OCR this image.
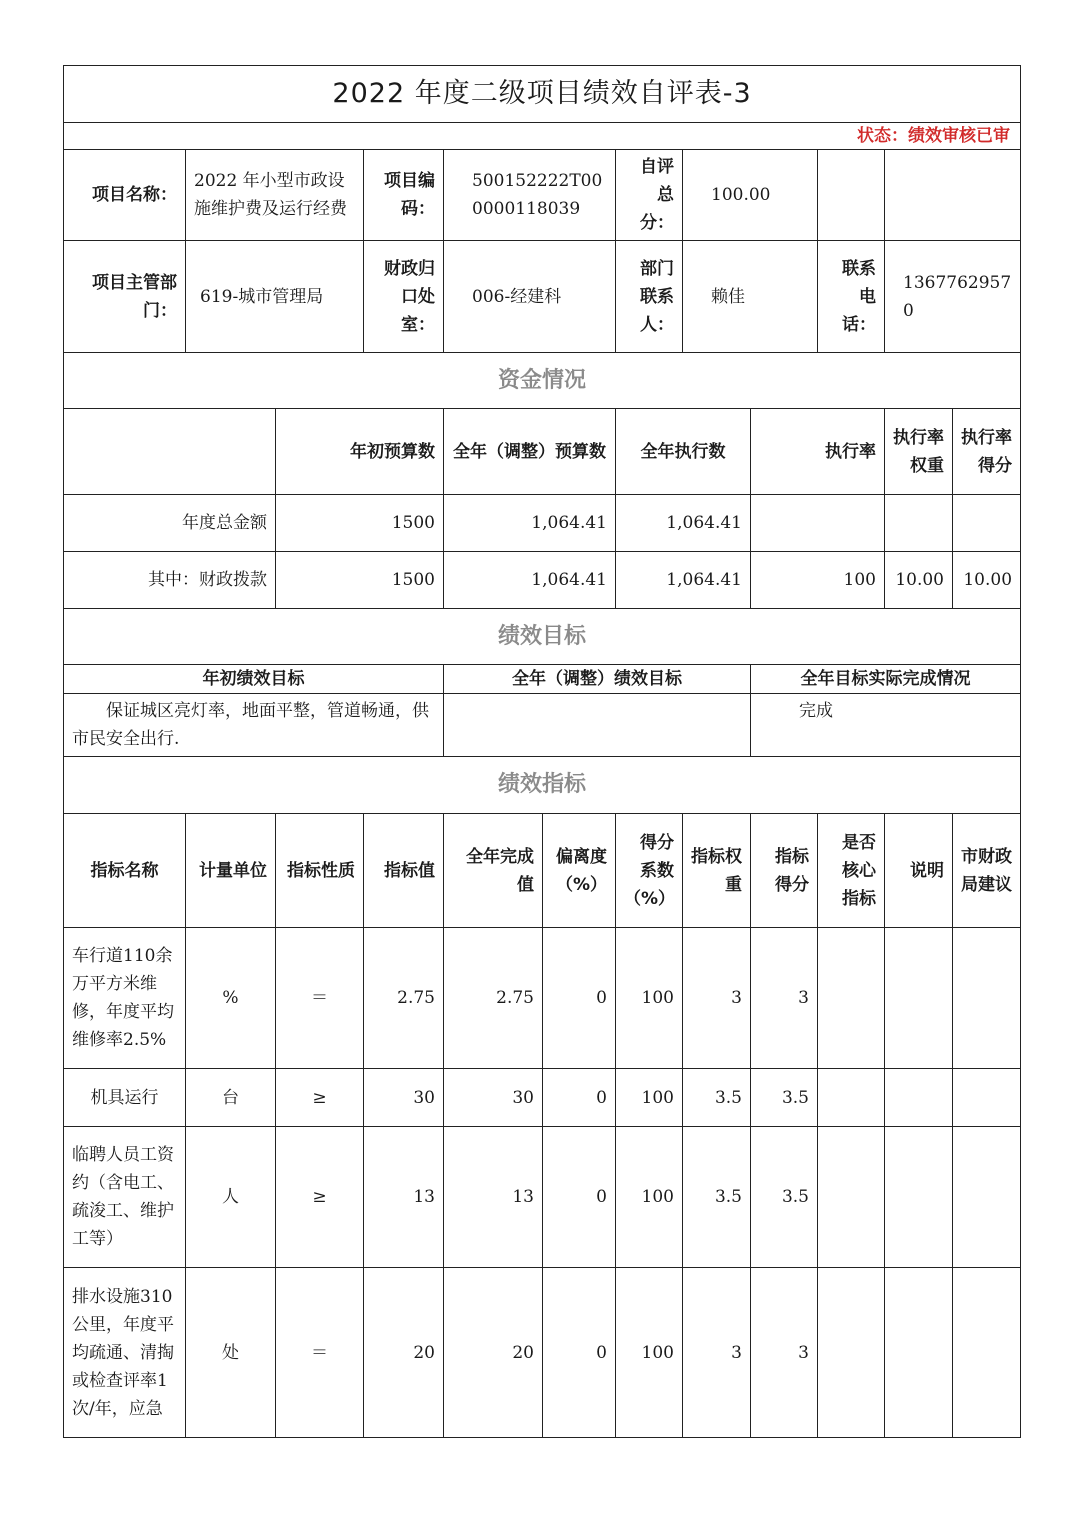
2022 年度二级项目绩效自评表-3											
状态：绩效审核已审											
项目名称：	2022 年小型市政设施维护费及运行经费		项目编码：	500152222T000000118039		自评总分：	100.00				
项目主管部门：	619-城市管理局		财政归口处室：	006-经建科		部门联系人：	赖佳		联系电话：	13677629570	
资金情况											
		年初预算数		全年（调整）预算数		全年执行数		执行率		执行率权重	执行率得分
年度总金额		1500		1,064.41		1,064.41					
其中：财政拨款		1500		1,064.41		1,064.41		100		10.00	10.00
绩效目标											
年初绩效目标				全年（调整）绩效目标				全年目标实际完成情况			
保证城区亮灯率，地面平整，管道畅通，供市民安全出行.								完成			
绩效指标											
指标名称	计量单位	指标性质	指标值	全年完成值	偏离度（%）	得分系数（%）	指标权重	指标得分	是否核心指标	说明	市财政局建议
车行道110余万平方米维修，年度平均维修率2.5%	%	＝	2.75	2.75	0	100	3	3			
机具运行	台	≥	30	30	0	100	3.5	3.5			
临聘人员工资约（含电工、疏浚工、维护工等）	人	≥	13	13	0	100	3.5	3.5			
排水设施310公里，年度平均疏通、清掏或检查评率1次/年，应急	处	＝	20	20	0	100	3	3			
